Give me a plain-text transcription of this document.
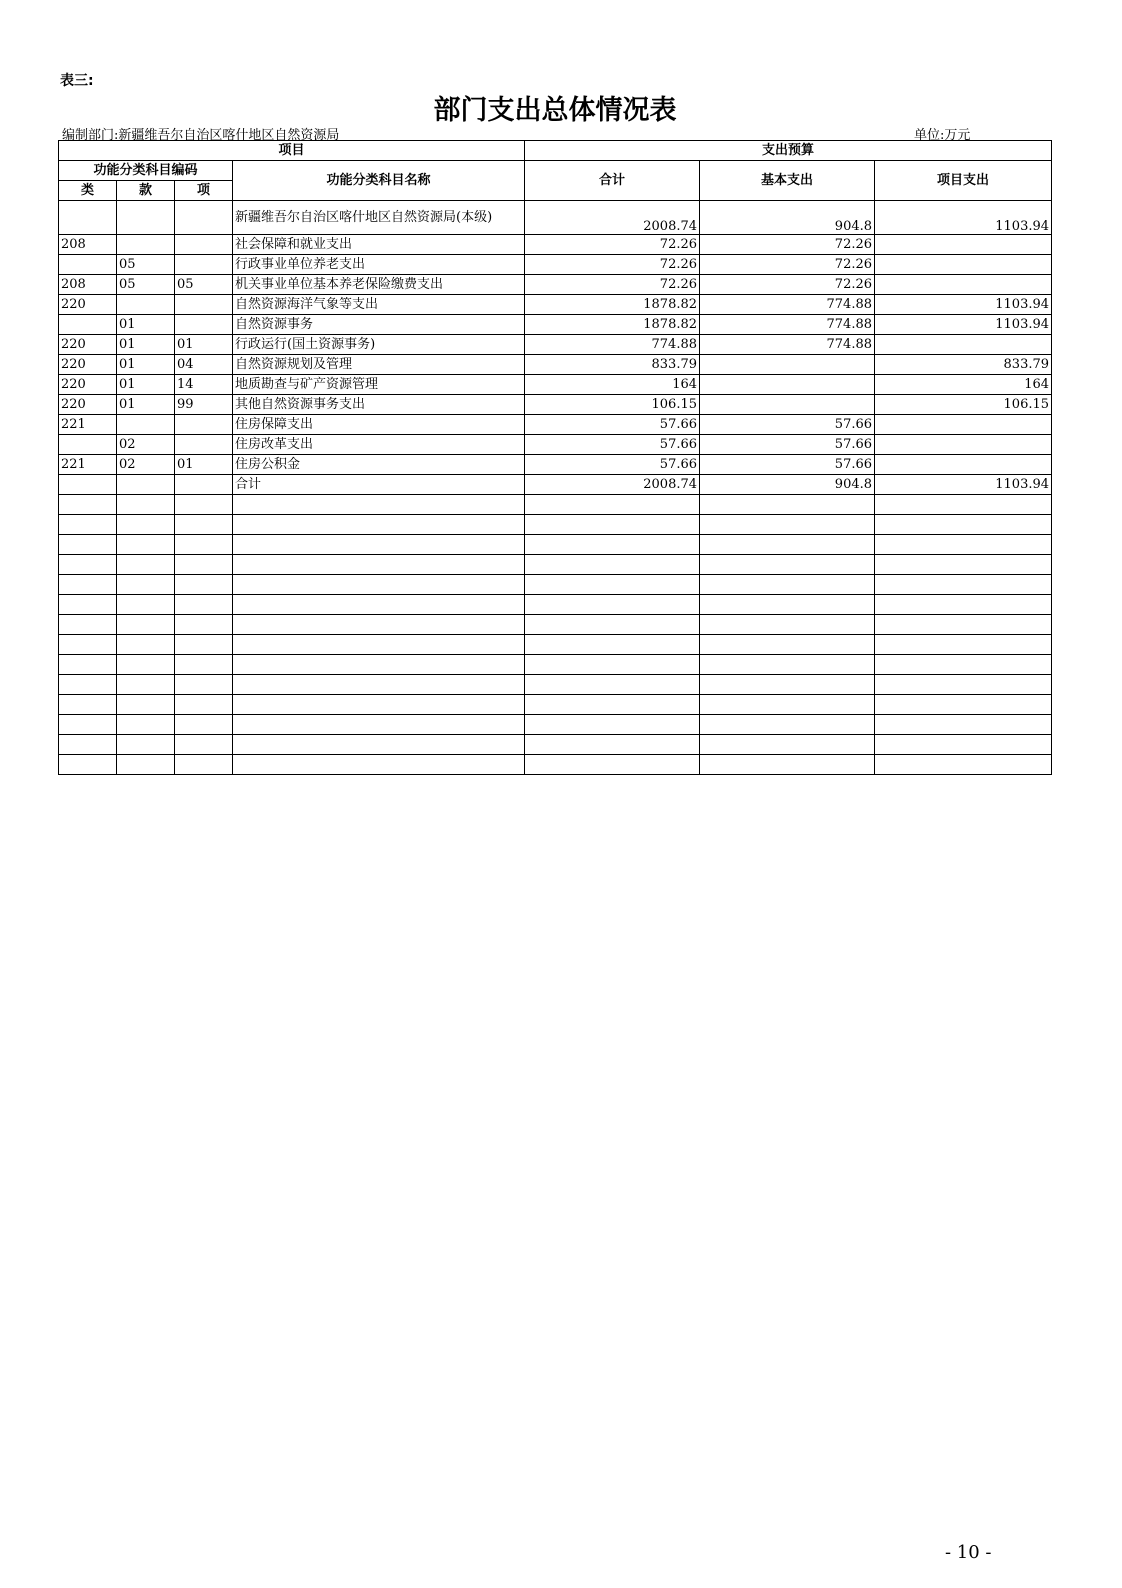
表三:
部门支出总体情况表
编制部门:新疆维吾尔自治区喀什地区自然资源局	单位:万元
项目				支出预算		
功能分类科目编码			功能分类科目名称	合计	基本支出	项目支出
类	款	项				
			新疆维吾尔自治区喀什地区自然资源局(本级)	2008.74	904.8	1103.94
208			社会保障和就业支出	72.26	72.26	
	05		行政事业单位养老支出	72.26	72.26	
208	05	05	机关事业单位基本养老保险缴费支出	72.26	72.26	
220			自然资源海洋气象等支出	1878.82	774.88	1103.94
	01		自然资源事务	1878.82	774.88	1103.94
220	01	01	行政运行(国土资源事务)	774.88	774.88	
220	01	04	自然资源规划及管理	833.79		833.79
220	01	14	地质勘查与矿产资源管理	164		164
220	01	99	其他自然资源事务支出	106.15		106.15
221			住房保障支出	57.66	57.66	
	02		住房改革支出	57.66	57.66	
221	02	01	住房公积金	57.66	57.66	
			合计	2008.74	904.8	1103.94

- 10 -
